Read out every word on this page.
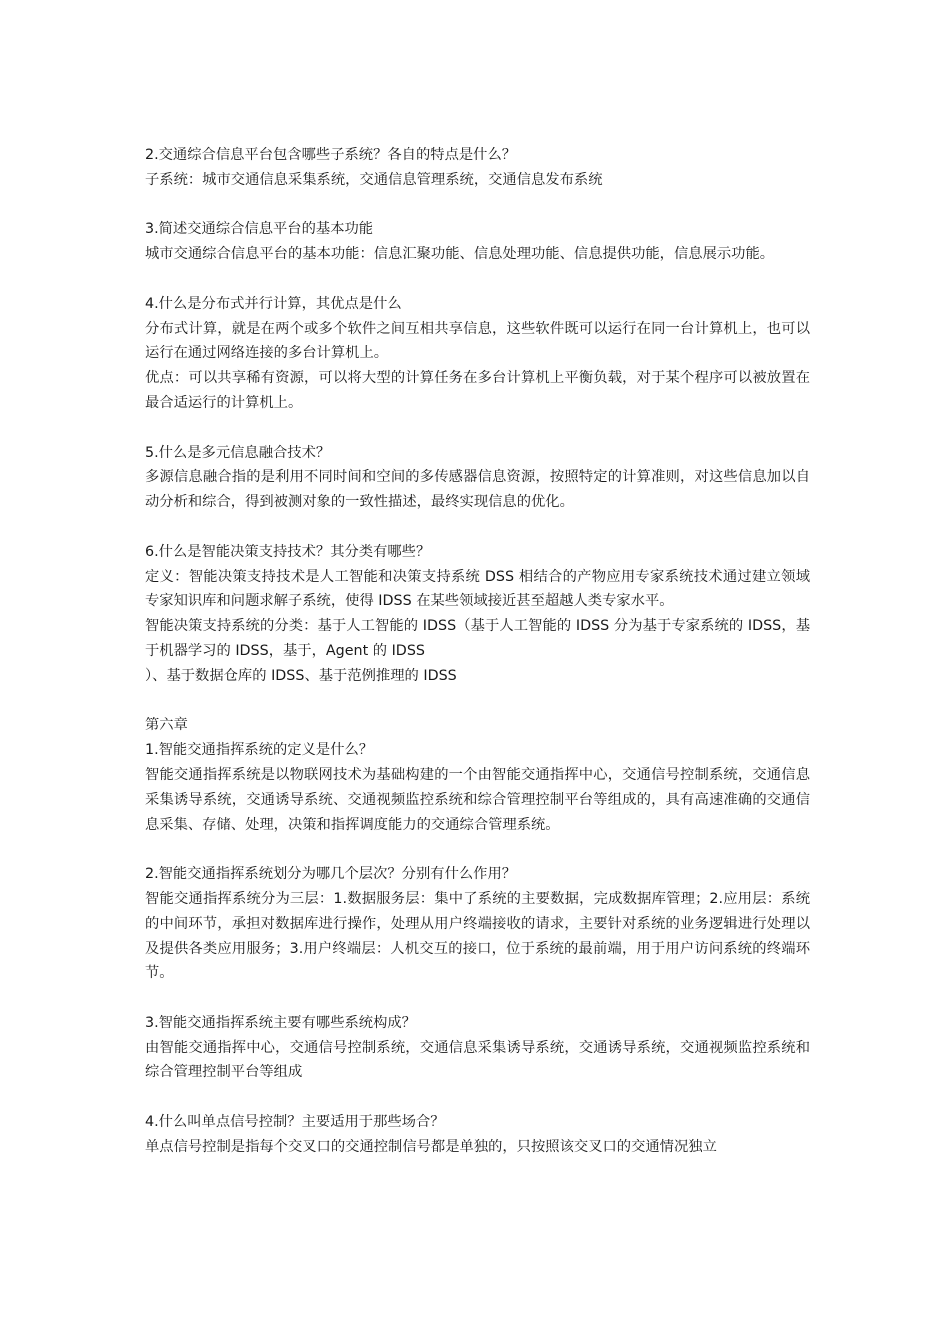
2.交通综合信息平台包含哪些子系统？各自的特点是什么？
子系统：城市交通信息采集系统，交通信息管理系统，交通信息发布系统
3.简述交通综合信息平台的基本功能
城市交通综合信息平台的基本功能：信息汇聚功能、信息处理功能、信息提供功能，信息展示功能。
4.什么是分布式并行计算，其优点是什么
分布式计算，就是在两个或多个软件之间互相共享信息，这些软件既可以运行在同一台计算机上，也可以运行在通过网络连接的多台计算机上。
优点：可以共享稀有资源，可以将大型的计算任务在多台计算机上平衡负载，对于某个程序可以被放置在最合适运行的计算机上。
5.什么是多元信息融合技术？
多源信息融合指的是利用不同时间和空间的多传感器信息资源，按照特定的计算准则，对这些信息加以自动分析和综合，得到被测对象的一致性描述，最终实现信息的优化。
6.什么是智能决策支持技术？其分类有哪些？
定义：智能决策支持技术是人工智能和决策支持系统 DSS 相结合的产物应用专家系统技术通过建立领域专家知识库和问题求解子系统，使得 IDSS 在某些领域接近甚至超越人类专家水平。
智能决策支持系统的分类：基于人工智能的 IDSS（基于人工智能的 IDSS 分为基于专家系统的 IDSS，基于机器学习的 IDSS，基于，Agent 的 IDSS
）、基于数据仓库的 IDSS、基于范例推理的 IDSS
第六章
1.智能交通指挥系统的定义是什么？
智能交通指挥系统是以物联网技术为基础构建的一个由智能交通指挥中心，交通信号控制系统，交通信息采集诱导系统，交通诱导系统、交通视频监控系统和综合管理控制平台等组成的，具有高速准确的交通信息采集、存储、处理，决策和指挥调度能力的交通综合管理系统。
2.智能交通指挥系统划分为哪几个层次？分别有什么作用？
智能交通指挥系统分为三层：1.数据服务层：集中了系统的主要数据，完成数据库管理；2.应用层：系统的中间环节，承担对数据库进行操作，处理从用户终端接收的请求，主要针对系统的业务逻辑进行处理以及提供各类应用服务；3.用户终端层：人机交互的接口，位于系统的最前端，用于用户访问系统的终端环节。
3.智能交通指挥系统主要有哪些系统构成？
由智能交通指挥中心，交通信号控制系统，交通信息采集诱导系统，交通诱导系统，交通视频监控系统和综合管理控制平台等组成
4.什么叫单点信号控制？主要适用于那些场合？
单点信号控制是指每个交叉口的交通控制信号都是单独的，只按照该交叉口的交通情况独立
